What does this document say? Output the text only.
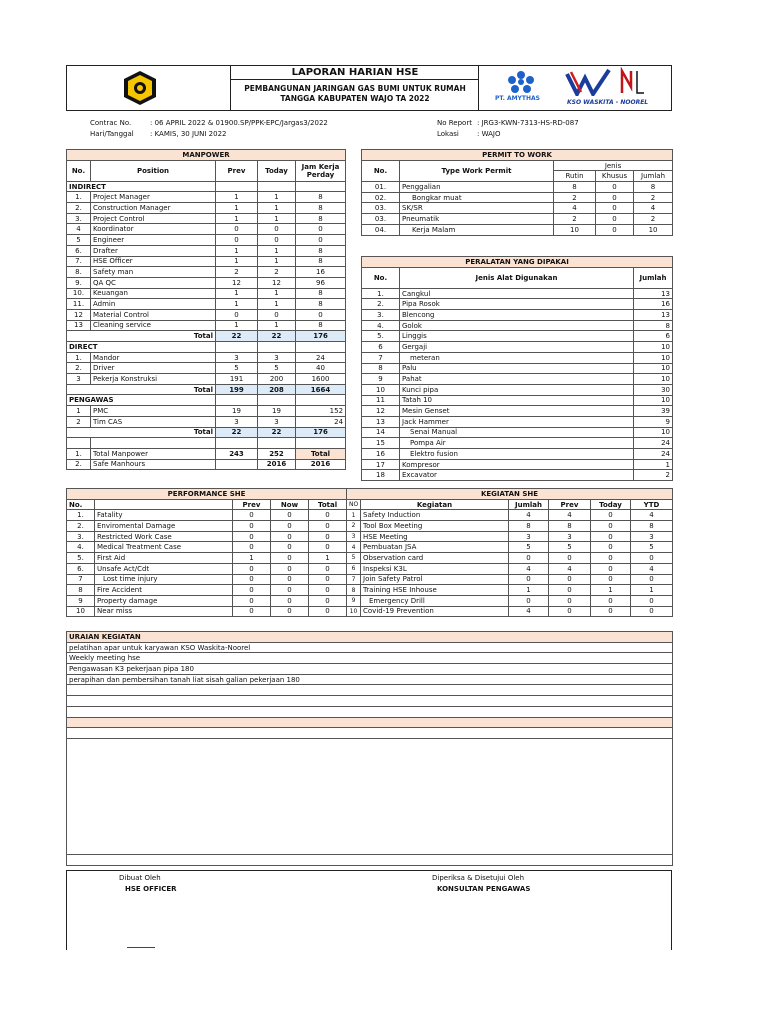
LAPORAN HARIAN HSE
PEMBANGUNAN JARINGAN GAS BUMI UNTUK RUMAH
TANGGA KABUPATEN WAJO TA 2022	PT. AMYTHAS
KSO WASKITA - NOOREL
Contrac No.	: 06 APRIL 2022 & 01900.SP/PPK-EPC/Jargas3/2022
Hari/Tanggal : KAMIS, 30 JUNI 2022
No Report : JRG3-KWN-7313-HS-RD-087
Lokasi	: WAJO
MANPOWER				
No.	Position	Prev	Today	Jam Kerja
Perday
INDIRECT				
1.	Project Manager	1	1	8
2.	Construction Manager	1	1	8
3.	Project Control	1	1	8
4	Koordinator	0	0	0
5	Engineer	0	0	0
6.	Drafter	1	1	8
7.	HSE Officer	1	1	8
8.	Safety man	2	2	16
9.	QA QC	12	12	96
10.	Keuangan	1	1	8
11.	Admin	1	1	8
12	Material Control	0	0	0
13	Cleaning service	1	1	8
Total		22	22	176
DIRECT				
1.	Mandor	3	3	24
2.	Driver	5	5	40
3	Pekerja Konstruksi	191	200	1600
Total		199	208	1664
PENGAWAS				
1	PMC	19	19	152
2	Tim CAS	3	3	24
Total		22	22	176

1.	Total Manpower	243	252	Total
2.	Safe Manhours		2016	2016
PERMIT TO WORK				
No.	Type Work Permit	Jenis		
		Rutin	Khusus	Jumlah
01.	Penggalian	8	0	8
02.	Bongkar muat	2	0	2
03.	SK/SR	4	0	4
03.	Pneumatik	2	0	2
04.	Kerja Malam	10	0	10
PERALATAN YANG DIPAKAI		
No.	Jenis Alat Digunakan	Jumlah
1.	Cangkul	13
2.	Pipa Rosok	16
3.	Blencong	13
4.	Golok	8
5.	Linggis	6
6	Gergaji	10
7	meteran	10
8	Palu	10
9	Pahat	10
10	Kunci pipa	30
11	Tatah 10	10
12	Mesin Genset	39
13	Jack Hammer	9
14	Senai Manual	10
15	Pompa Air	24
16	Elektro fusion	24
17	Kompresor	1
18	Excavator	2
PERFORMANCE SHE				
No.		Prev	Now	Total
1.	Fatality	0	0	0
2.	Enviromental Damage	0	0	0
3.	Restricted Work Case	0	0	0
4.	Medical Treatment Case	0	0	0
5.	First Aid	1	0	1
6.	Unsafe Act/Cdt	0	0	0
7	Lost time injury	0	0	0
8	Fire Accident	0	0	0
9	Property damage	0	0	0
10	Near miss	0	0	0
KEGIATAN SHE					
NO	Kegiatan	Jumlah	Prev	Today	YTD
1	Safety Induction	4	4	0	4
2	Tool Box Meeting	8	8	0	8
3	HSE Meeting	3	3	0	3
4	Pembuatan JSA	5	5	0	5
5	Observation card	0	0	0	0
6	Inspeksi K3L	4	4	0	4
7	Join Safety Patrol	0	0	0	0
8	Training HSE Inhouse	1	0	1	1
9	Emergency Drill	0	0	0	0
10	Covid-19 Prevention	4	0	0	0
URAIAN KEGIATAN
pelatihan apar untuk karyawan KSO Waskita-Noorel
Weekly meeting hse
Pengawasan K3 pekerjaan pipa 180
perapihan dan pembersihan tanah liat sisah galian pekerjaan 180

Dibuat Oleh
HSE OFFICER
Diperiksa & Disetujui Oleh
KONSULTAN PENGAWAS
